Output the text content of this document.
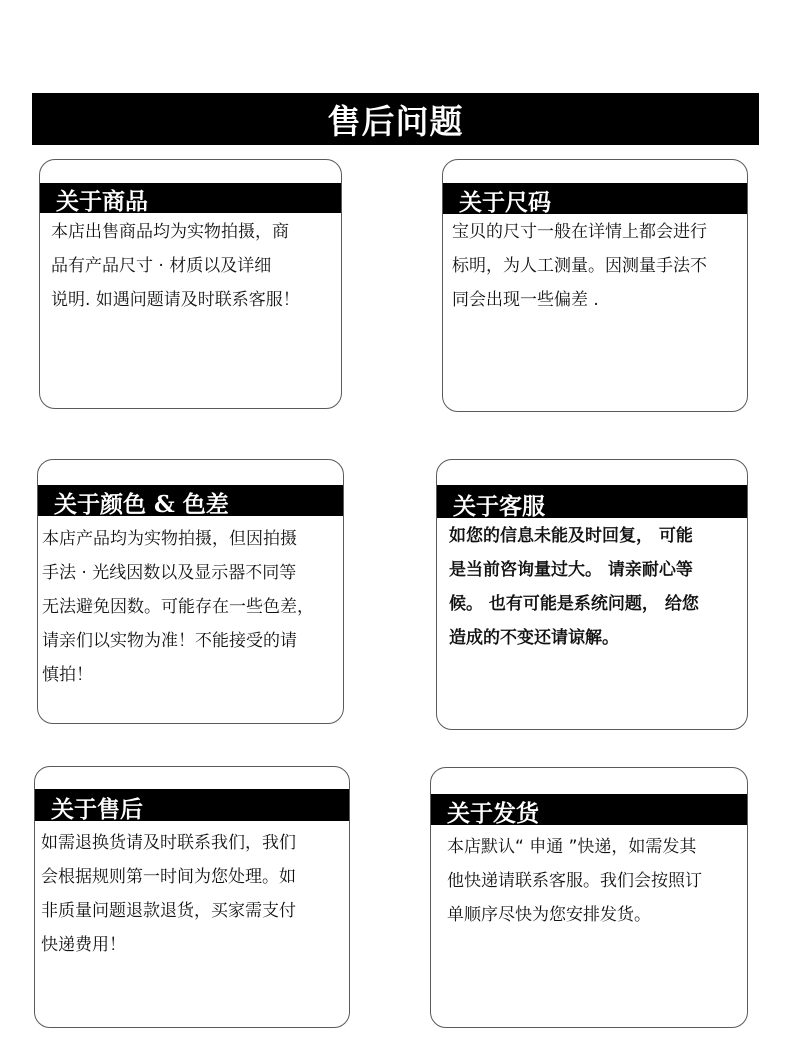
售后问题
关于商品
本店出售商品均为实物拍摄，商
品有产品尺寸 · 材质以及详细
说明. 如遇问题请及时联系客服！
关于尺码
宝贝的尺寸一般在详情上都会进行
标明，为人工测量。因测量手法不
同会出现一些偏差 .
关于颜色 & 色差
本店产品均为实物拍摄，但因拍摄
手法 · 光线因数以及显示器不同等
无法避免因数。可能存在一些色差，
请亲们以实物为准！不能接受的请
慎拍！
关于客服
如您的信息未能及时回复， 可能
是当前咨询量过大。 请亲耐心等
候。 也有可能是系统问题， 给您
造成的不变还请谅解。
关于售后
如需退换货请及时联系我们，我们
会根据规则第一时间为您处理。如
非质量问题退款退货，买家需支付
快递费用！
关于发货
本店默认“ 申通 ”快递，如需发其
他快递请联系客服。我们会按照订
单顺序尽快为您安排发货。
